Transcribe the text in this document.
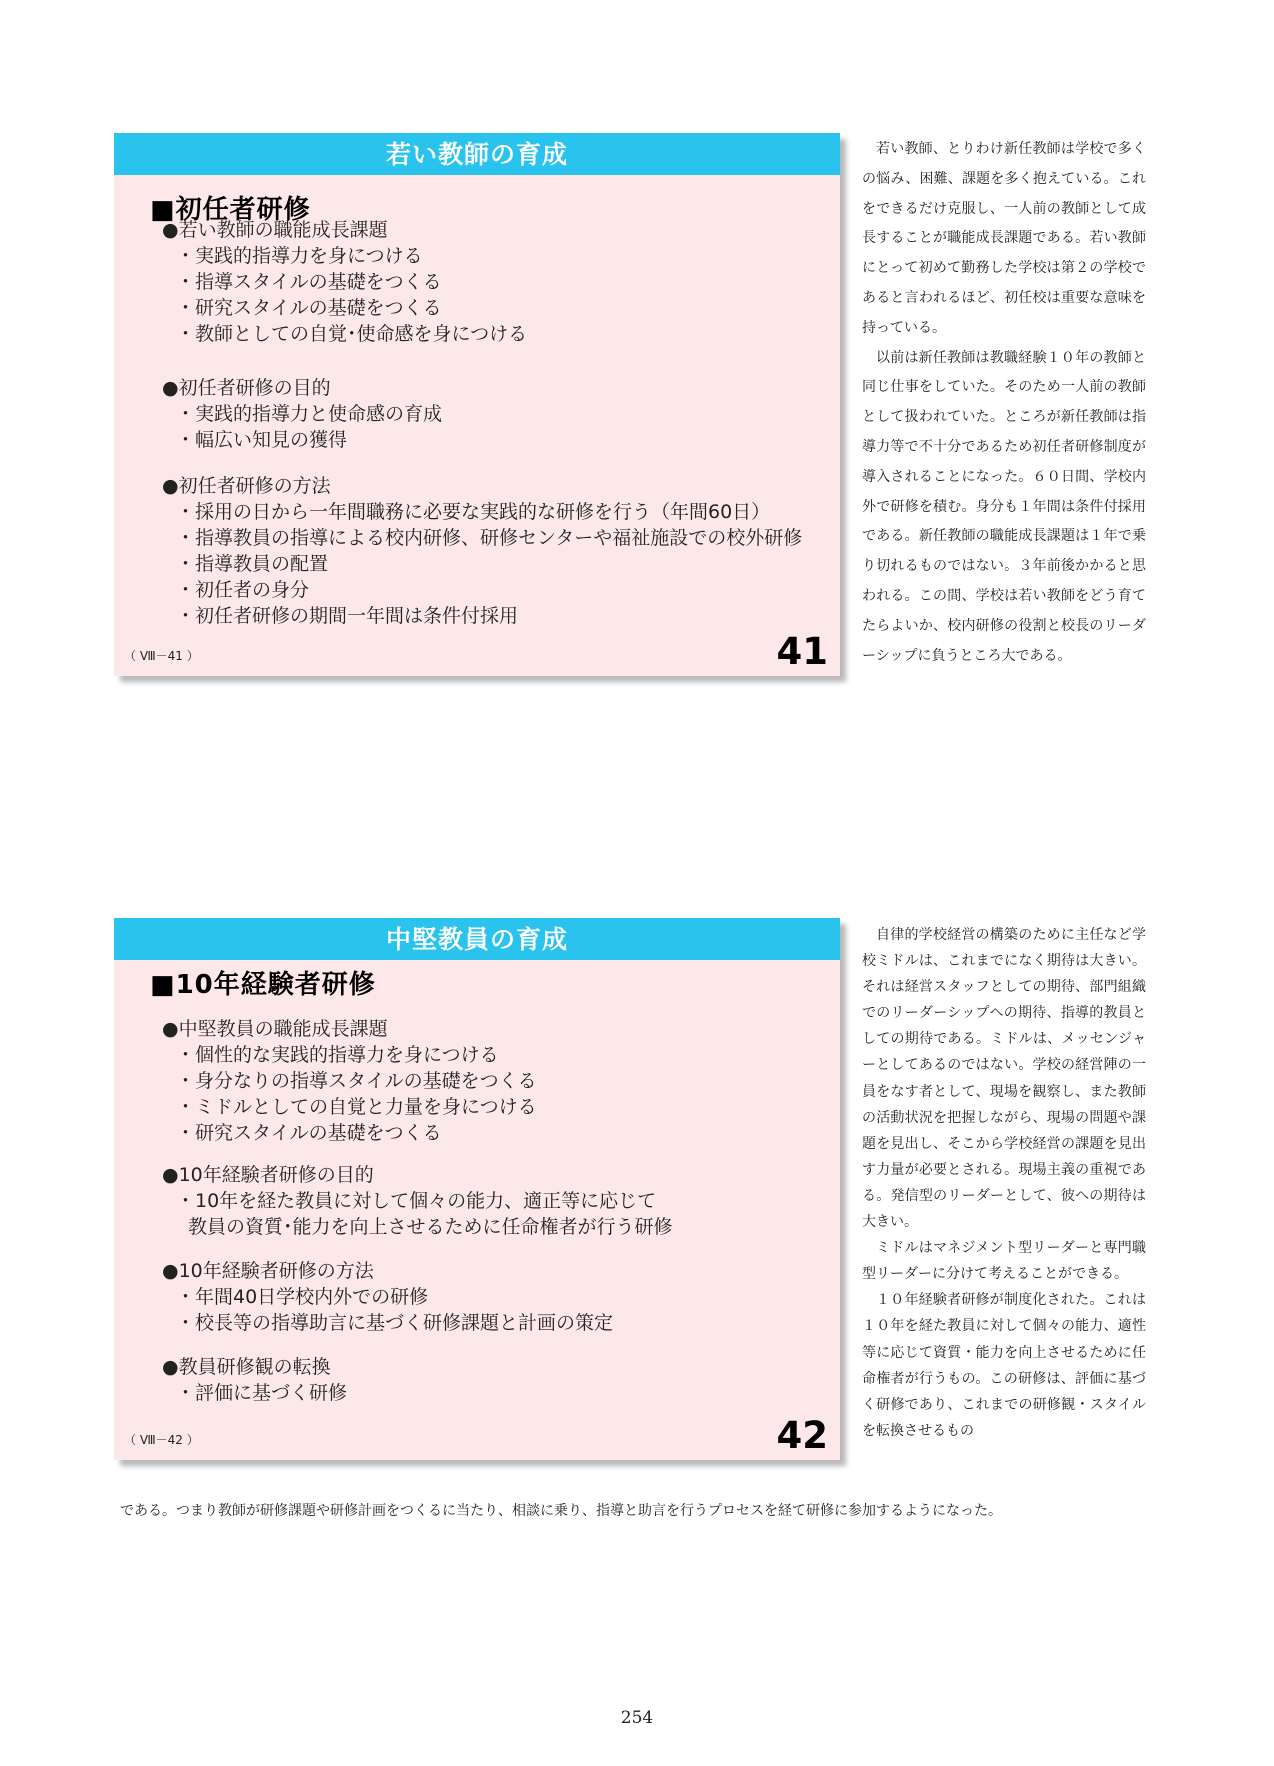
若い教師の育成
■初任者研修

●若い教師の職能成長課題

・実践的指導力を身につける

・指導スタイルの基礎をつくる

・研究スタイルの基礎をつくる

・教師としての自覚･使命感を身につける

●初任者研修の目的

・実践的指導力と使命感の育成

・幅広い知見の獲得

●初任者研修の方法

・採用の日から一年間職務に必要な実践的な研修を行う（年間60日）

・指導教員の指導による校内研修、研修センターや福祉施設での校外研修

・指導教員の配置

・初任者の身分

・初任者研修の期間一年間は条件付採用

（ Ⅷ－41 ）	41

若い教師、とりわけ新任教師は学校で多くの悩み、困難、課題を多く抱えている。これをできるだけ克服し、一人前の教師として成長することが職能成長課題である。若い教師にとって初めて勤務した学校は第２の学校であると言われるほど、初任校は重要な意味を持っている。

以前は新任教師は教職経験１０年の教師と同じ仕事をしていた。そのため一人前の教師として扱われていた。ところが新任教師は指導力等で不十分であるため初任者研修制度が導入されることになった。６０日間、学校内外で研修を積む。身分も１年間は条件付採用である。新任教師の職能成長課題は１年で乗り切れるものではない。３年前後かかると思われる。この間、学校は若い教師をどう育てたらよいか、校内研修の役割と校長のリーダーシップに負うところ大である。

中堅教員の育成
■10年経験者研修

●中堅教員の職能成長課題

・個性的な実践的指導力を身につける

・身分なりの指導スタイルの基礎をつくる

・ミドルとしての自覚と力量を身につける

・研究スタイルの基礎をつくる

●10年経験者研修の目的

・10年を経た教員に対して個々の能力、適正等に応じて

教員の資質･能力を向上させるために任命権者が行う研修

●10年経験者研修の方法

・年間40日学校内外での研修

・校長等の指導助言に基づく研修課題と計画の策定

●教員研修観の転換

・評価に基づく研修

（ Ⅷ－42 ）	42

自律的学校経営の構築のために主任など学校ミドルは、これまでになく期待は大きい。それは経営スタッフとしての期待、部門組織でのリーダーシップへの期待、指導的教員としての期待である。ミドルは、メッセンジャーとしてあるのではない。学校の経営陣の一員をなす者として、現場を観察し、また教師の活動状況を把握しながら、現場の問題や課題を見出し、そこから学校経営の課題を見出す力量が必要とされる。現場主義の重視である。発信型のリーダーとして、彼への期待は大きい。

ミドルはマネジメント型リーダーと専門職型リーダーに分けて考えることができる。

１０年経験者研修が制度化された。これは１０年を経た教員に対して個々の能力、適性等に応じて資質・能力を向上させるために任命権者が行うもの。この研修は、評価に基づく研修であり、これまでの研修観・スタイルを転換させるもの

である。つまり教師が研修課題や研修計画をつくるに当たり、相談に乗り、指導と助言を行うプロセスを経て研修に参加するようになった。
254
